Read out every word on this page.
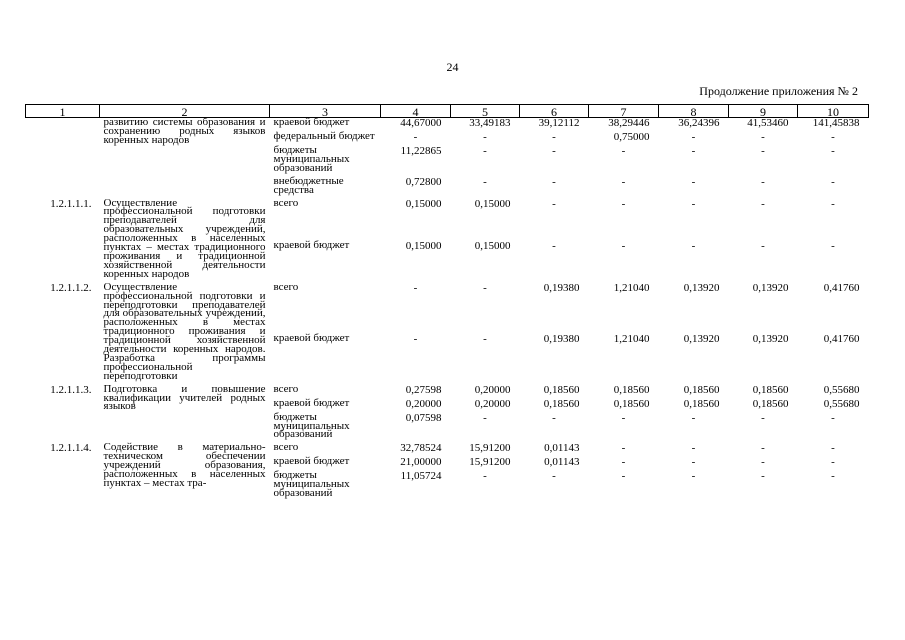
24
Продолжение приложения № 2
1	2	3	4	5	6	7	8	9	10

	развитию системы образования и сохранению родных языков коренных народов	краевой бюджет	44,67000	33,49183	39,12112	38,29446	36,24396	41,53460	141,45838

		федеральный бюджет	-	-	-	0,75000	-	-	-

		бюджеты муниципальных образований	11,22865	-	-	-	-	-	-

		внебюджетные средства	0,72800	-	-	-	-	-	-

1.2.1.1.1.	Осуществление профессиональной подготовки преподавателей для образовательных учреждений, расположенных в населенных пунктах – местах традиционного проживания и традиционной хозяйственной деятельности коренных народов	всего	0,15000	0,15000	-	-	-	-	-

		краевой бюджет	0,15000	0,15000	-	-	-	-	-

1.2.1.1.2.	Осуществление профессиональной подготовки и переподготовки преподавателей для образовательных учреждений, расположенных в местах традиционного проживания и традиционной хозяйственной деятельности коренных народов. Разработка программы профессиональной переподготовки	всего	-	-	0,19380	1,21040	0,13920	0,13920	0,41760

		краевой бюджет	-	-	0,19380	1,21040	0,13920	0,13920	0,41760

1.2.1.1.3.	Подготовка и повышение квалификации учителей родных языков	всего	0,27598	0,20000	0,18560	0,18560	0,18560	0,18560	0,55680

		краевой бюджет	0,20000	0,20000	0,18560	0,18560	0,18560	0,18560	0,55680

		бюджеты муниципальных образований	0,07598	-	-	-	-	-	-

1.2.1.1.4.	Содействие в материально-техническом обеспечении учреждений образования, расположенных в населенных пунктах – местах тра-	всего	32,78524	15,91200	0,01143	-	-	-	-

		краевой бюджет	21,00000	15,91200	0,01143	-	-	-	-

		бюджеты муниципальных образований	11,05724	-	-	-	-	-	-
